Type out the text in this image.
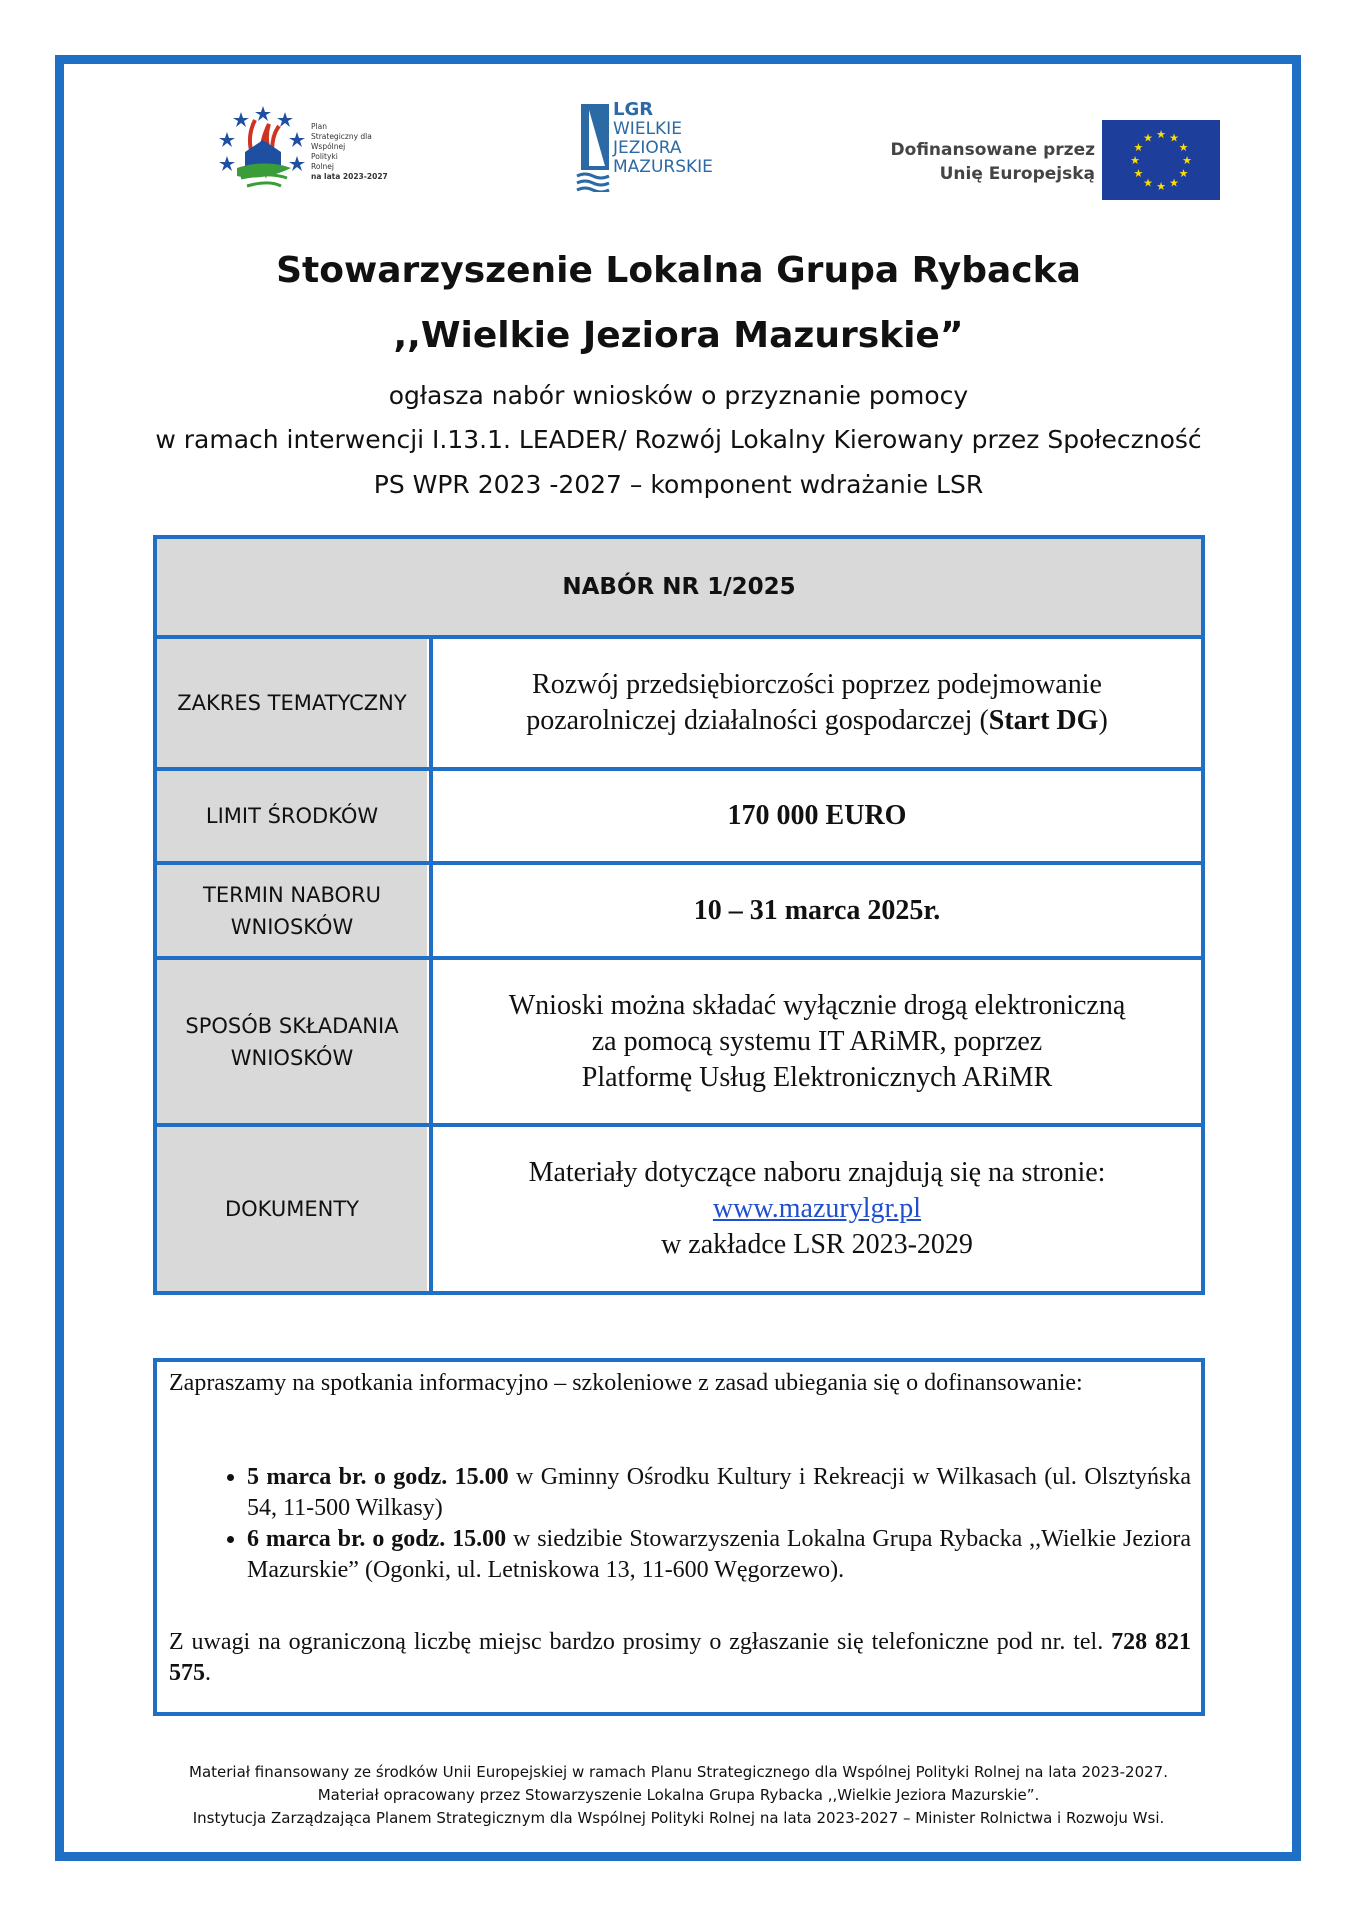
Plan
Strategiczny dla
Wspólnej
Polityki
Rolnej
na lata 2023-2027
LGR
WIELKIE
JEZIORA
MAZURSKIE
Dofinansowane przez
Unię Europejską
★ ★
★
★
★
★
★
★
★
★
★
★
Stowarzyszenie Lokalna Grupa Rybacka
,,Wielkie Jeziora Mazurskie”
ogłasza nabór wniosków o przyznanie pomocy
w ramach interwencji I.13.1. LEADER/ Rozwój Lokalny Kierowany przez Społeczność
PS WPR 2023 -2027 – komponent wdrażanie LSR
NABÓR NR 1/2025
ZAKRES TEMATYCZNY
Rozwój przedsiębiorczości poprzez podejmowanie
pozarolniczej działalności gospodarczej (Start DG)
LIMIT ŚRODKÓW	170 000 EURO
TERMIN NABORU
WNIOSKÓW
10 – 31 marca 2025r.
SPOSÓB SKŁADANIA
WNIOSKÓW
Wnioski można składać wyłącznie drogą elektroniczną
za pomocą systemu IT ARiMR, poprzez
Platformę Usług Elektronicznych ARiMR
DOKUMENTY
Materiały dotyczące naboru znajdują się na stronie:
www.mazurylgr.pl
w zakładce LSR 2023-2029

Zapraszamy na spotkania informacyjno – szkoleniowe z zasad ubiegania się o dofinansowanie:

• 5 marca br. o godz. 15.00 w Gminny Ośrodku Kultury i Rekreacji w Wilkasach (ul. Olsztyńska 54, 11-500 Wilkasy)
• 6 marca br. o godz. 15.00 w siedzibie Stowarzyszenia Lokalna Grupa Rybacka ,,Wielkie Jeziora Mazurskie” (Ogonki, ul. Letniskowa 13, 11-600 Węgorzewo).

Z uwagi na ograniczoną liczbę miejsc bardzo prosimy o zgłaszanie się telefoniczne pod nr. tel. 728 821 575.

Materiał finansowany ze środków Unii Europejskiej w ramach Planu Strategicznego dla Wspólnej Polityki Rolnej na lata 2023-2027.
Materiał opracowany przez Stowarzyszenie Lokalna Grupa Rybacka ,,Wielkie Jeziora Mazurskie”.
Instytucja Zarządzająca Planem Strategicznym dla Wspólnej Polityki Rolnej na lata 2023-2027 – Minister Rolnictwa i Rozwoju Wsi.
